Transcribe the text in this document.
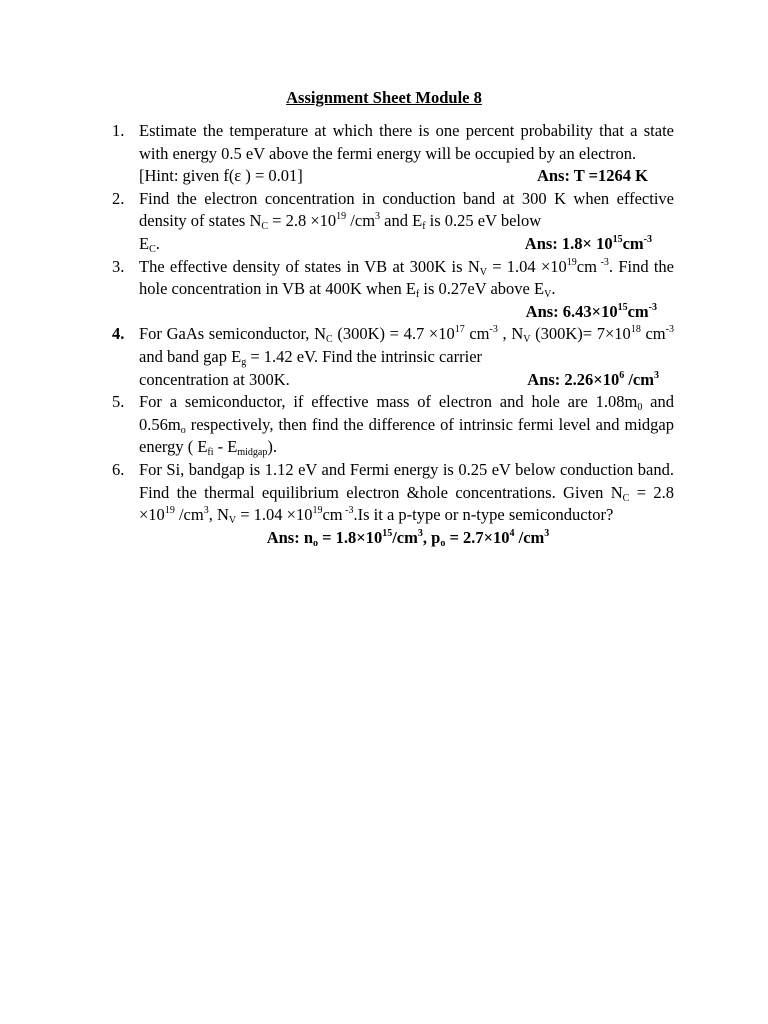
Assignment Sheet Module 8
1. Estimate the temperature at which there is one percent probability that a state with energy 0.5 eV above the fermi energy will be occupied by an electron.
[Hint: given f(ε ) = 0.01]	Ans: T =1264 K
2. Find the electron concentration in conduction band at 300 K when effective density of states $N_C = 2.8 \times 10^{19}$ $/cm^3$ and $E_f$ is 0.25 eV below
$E_C$.	Ans: $1.8\times 10^{15}cm^{-3}$
3. The effective density of states in VB at 300K is $N_V = 1.04 \times 10^{19}cm$ $^{-3}$. Find the hole concentration in VB at 400K when $E_f$ is 0.27eV above $E_V$.
Ans: $6.43\times 10^{15}cm^{-3}$
4. For GaAs semiconductor, $N_C$ $(300K) = 4.7 \times 10^{17}$ $cm^{-3}$ , $N_V$ $(300K)= 7\times 10^{18}$ $cm^{-3}$ and band gap $E_g = 1.42$ eV. Find the intrinsic carrier
concentration at 300K.	Ans: $2.26\times 10^6$ $/cm^3$
5. For a semiconductor, if effective mass of electron and hole are $1.08m_0$ and $0.56m_o$ respectively, then find the difference of intrinsic fermi level and midgap energy ( $E_{fi} - E_{midgap}$).
6. For Si, bandgap is 1.12 eV and Fermi energy is 0.25 eV below conduction band. Find the thermal equilibrium electron &hole concentrations. Given $N_C = 2.8 \times 10^{19}$ $/cm^3$, $N_V = 1.04 \times 10^{19}cm$ $^{-3}$.Is it a p-type or n-type semiconductor?
Ans: $n_o = 1.8\times 10^{15}/cm^3$, $p_o = 2.7\times 10^4$ $/cm^3$
